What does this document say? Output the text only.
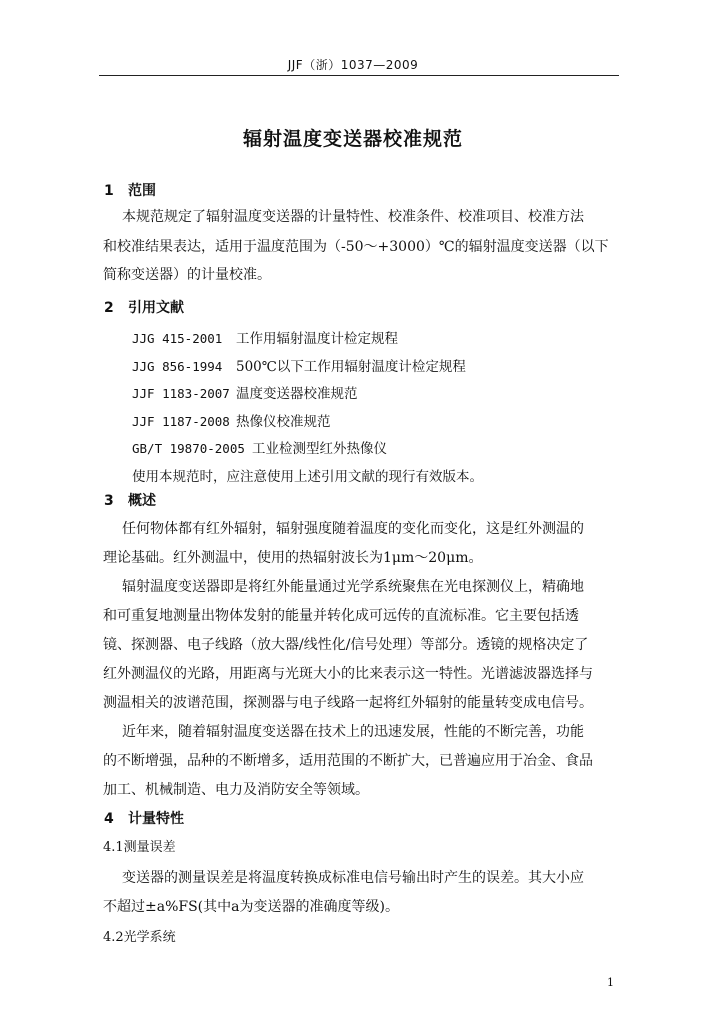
JJF（浙）1037—2009
辐射温度变送器校准规范
1 范围
本规范规定了辐射温度变送器的计量特性、校准条件、校准项目、校准方法
和校准结果表达，适用于温度范围为（-50～+3000）℃的辐射温度变送器（以下
简称变送器）的计量校准。
2 引用文献
JJG 415-2001 工作用辐射温度计检定规程
JJG 856-1994 500℃以下工作用辐射温度计检定规程
JJF 1183-2007 温度变送器校准规范
JJF 1187-2008 热像仪校准规范
GB/T 19870-2005 工业检测型红外热像仪
使用本规范时，应注意使用上述引用文献的现行有效版本。
3 概述
任何物体都有红外辐射，辐射强度随着温度的变化而变化，这是红外测温的
理论基础。红外测温中，使用的热辐射波长为1μm～20μm。
辐射温度变送器即是将红外能量通过光学系统聚焦在光电探测仪上，精确地
和可重复地测量出物体发射的能量并转化成可远传的直流标准。它主要包括透
镜、探测器、电子线路（放大器/线性化/信号处理）等部分。透镜的规格决定了
红外测温仪的光路，用距离与光斑大小的比来表示这一特性。光谱滤波器选择与
测温相关的波谱范围，探测器与电子线路一起将红外辐射的能量转变成电信号。
近年来，随着辐射温度变送器在技术上的迅速发展，性能的不断完善，功能
的不断增强，品种的不断增多，适用范围的不断扩大，已普遍应用于冶金、食品
加工、机械制造、电力及消防安全等领域。
4 计量特性
4.1测量误差
变送器的测量误差是将温度转换成标准电信号输出时产生的误差。其大小应
不超过±a%FS(其中a为变送器的准确度等级)。
4.2光学系统
1
